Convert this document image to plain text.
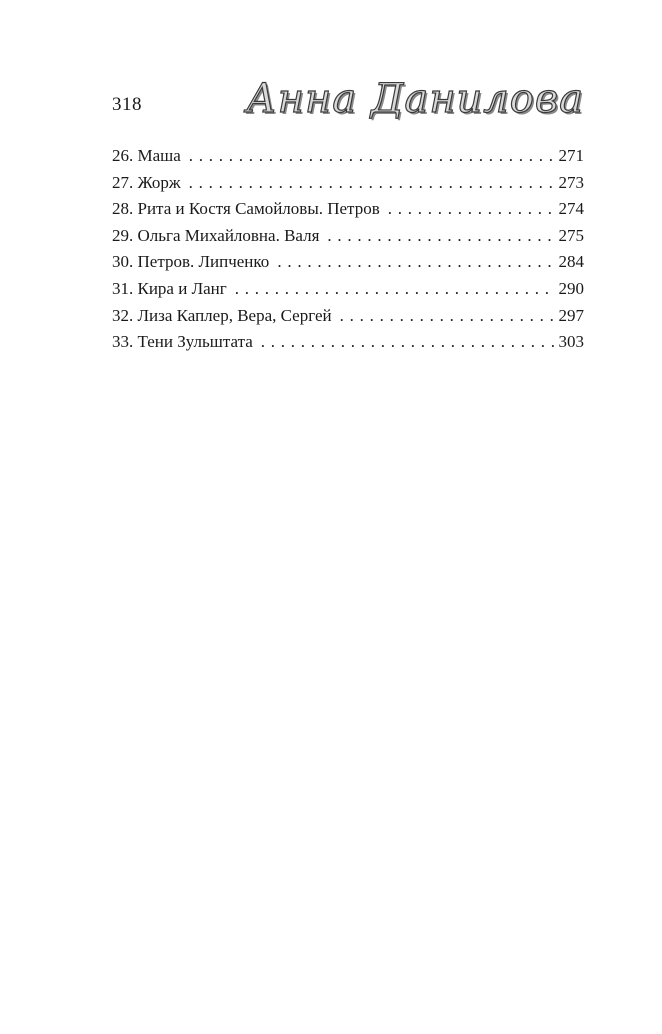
318	Анна Данилова
26. Маша . . .	271
27. Жорж . . .	273
28. Рита и Костя Самойловы. Петров . . .	274
29. Ольга Михайловна. Валя . . .	275
30. Петров. Липченко . . .	284
31. Кира и Ланг . . .	290
32. Лиза Каплер, Вера, Сергей . . .	297
33. Тени Зульштата . . .	303
